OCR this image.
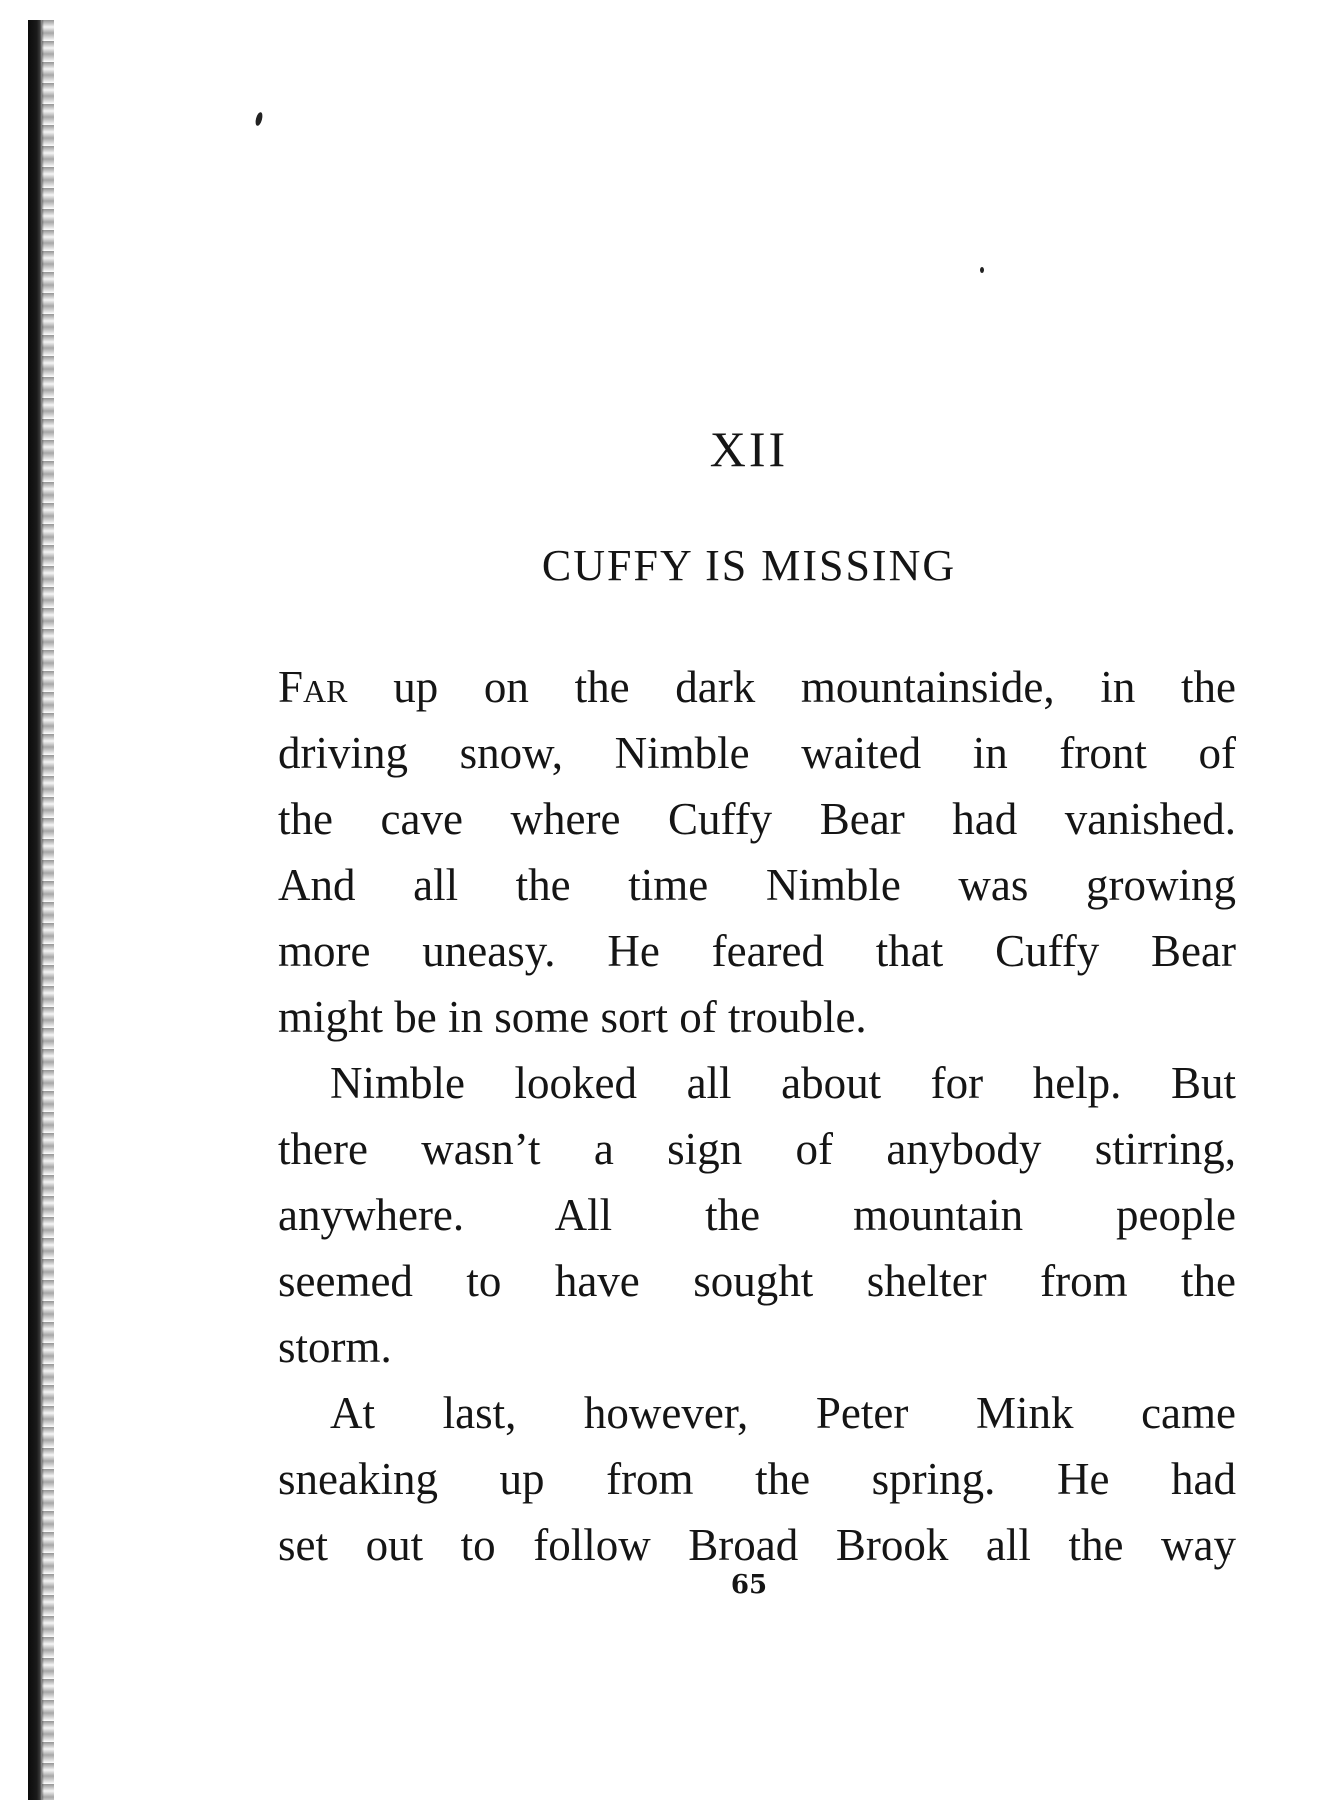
XII
CUFFY IS MISSING

Far up on the dark mountainside, in the
driving snow, Nimble waited in front of
the cave where Cuffy Bear had vanished.
And all the time Nimble was growing
more uneasy. He feared that Cuffy Bear
might be in some sort of trouble.

Nimble looked all about for help. But
there wasn’t a sign of anybody stirring,
anywhere. All the mountain people
seemed to have sought shelter from the
storm.

At last, however, Peter Mink came
sneaking up from the spring. He had
set out to follow Broad Brook all the way

65
